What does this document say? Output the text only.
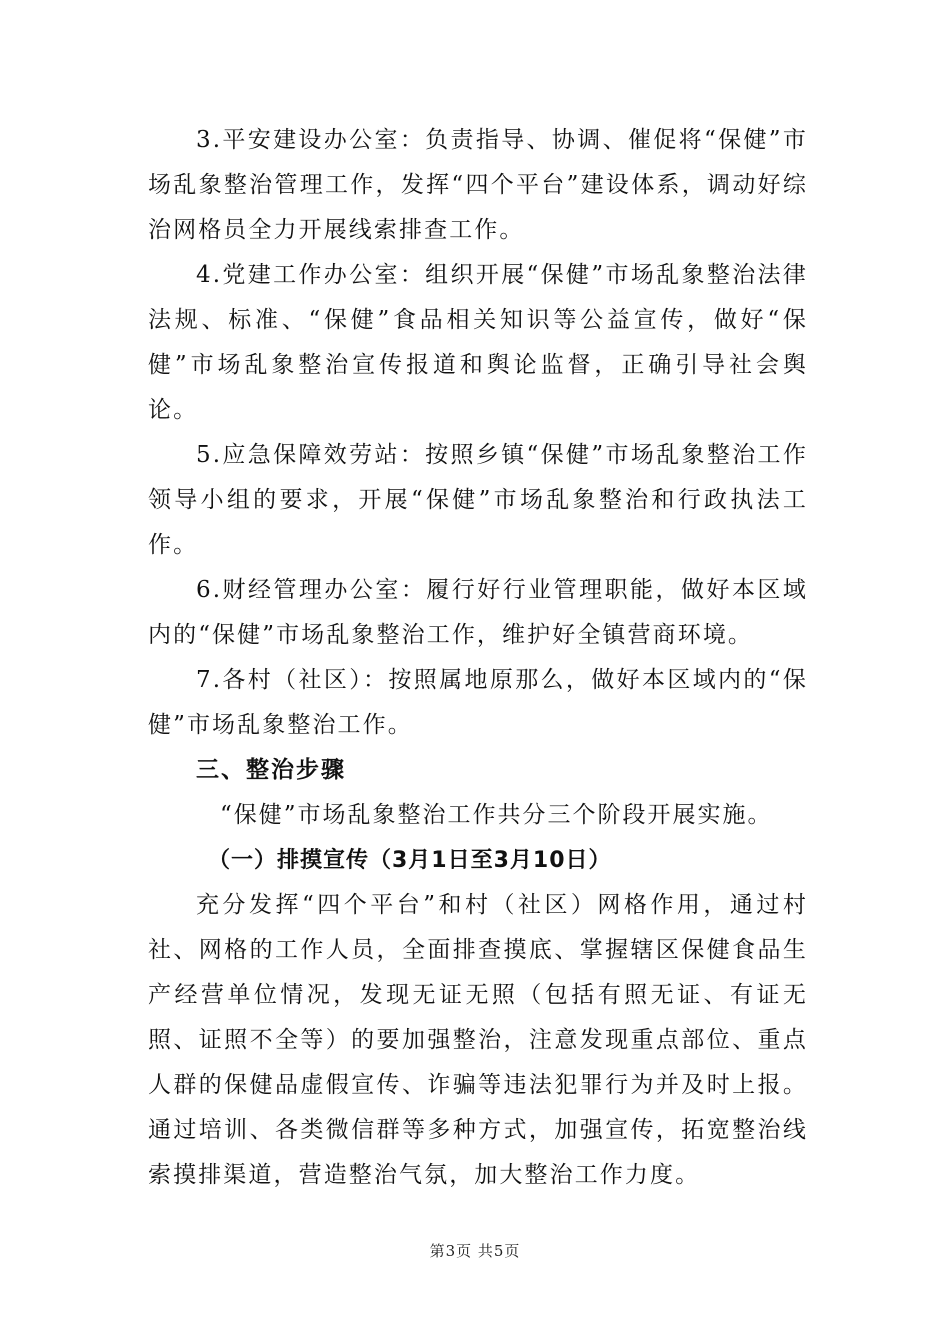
3.平安建设办公室：负责指导、协调、催促将“保健”市场乱象整治管理工作，发挥“四个平台”建设体系，调动好综治网格员全力开展线索排查工作。

4.党建工作办公室：组织开展“保健”市场乱象整治法律法规、标准、“保健”食品相关知识等公益宣传，做好“保健”市场乱象整治宣传报道和舆论监督，正确引导社会舆论。

5.应急保障效劳站：按照乡镇“保健”市场乱象整治工作领导小组的要求，开展“保健”市场乱象整治和行政执法工作。

6.财经管理办公室：履行好行业管理职能，做好本区域内的“保健”市场乱象整治工作，维护好全镇营商环境。

7.各村（社区）：按照属地原那么，做好本区域内的“保健”市场乱象整治工作。

三、整治步骤

“保健”市场乱象整治工作共分三个阶段开展实施。

（一）排摸宣传（3月1日至3月10日）

充分发挥“四个平台”和村（社区）网格作用，通过村社、网格的工作人员，全面排查摸底、掌握辖区保健食品生产经营单位情况，发现无证无照（包括有照无证、有证无照、证照不全等）的要加强整治，注意发现重点部位、重点人群的保健品虚假宣传、诈骗等违法犯罪行为并及时上报。通过培训、各类微信群等多种方式，加强宣传，拓宽整治线索摸排渠道，营造整治气氛，加大整治工作力度。

第3页 共5页
